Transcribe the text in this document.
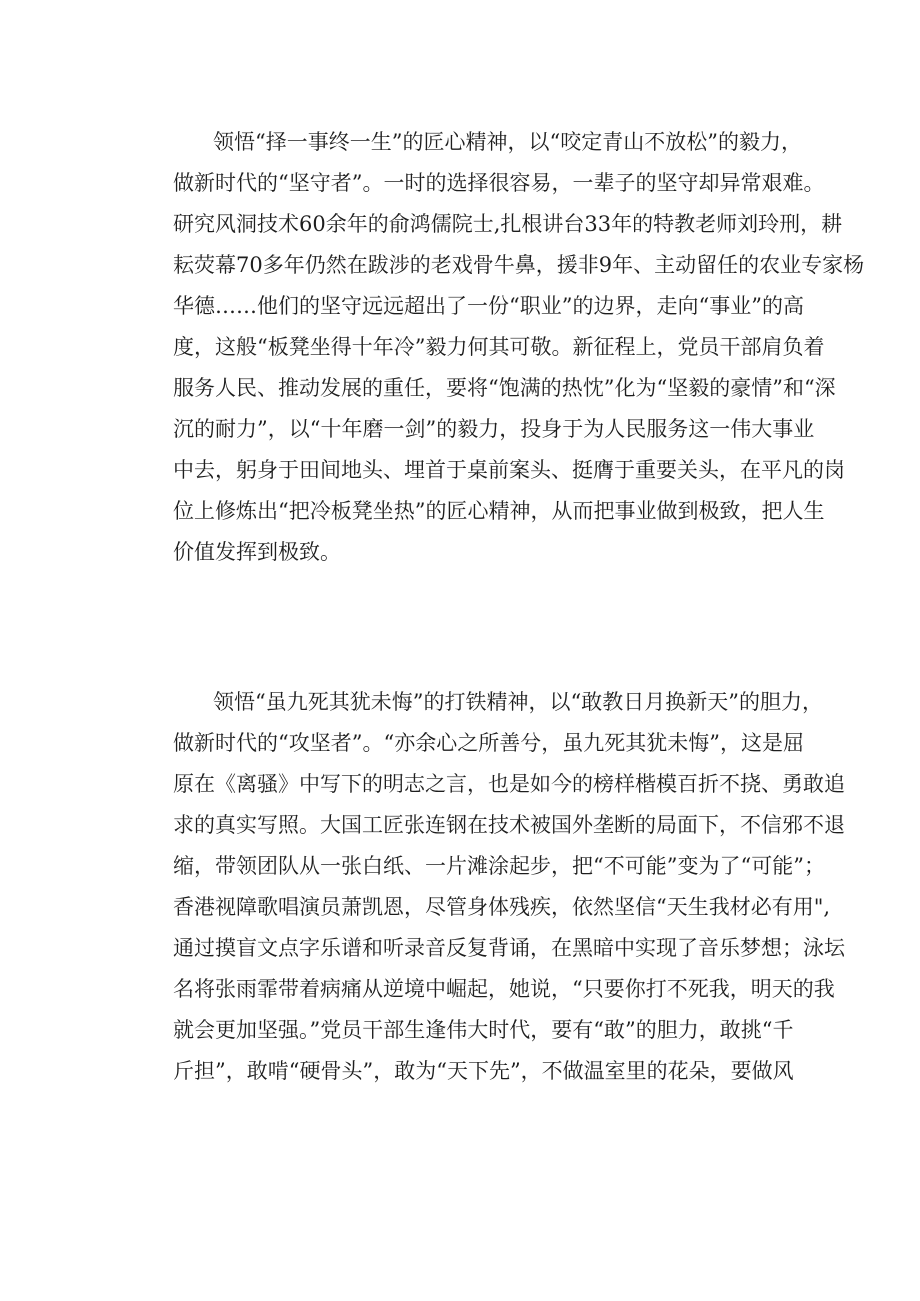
领悟“择一事终一生”的匠心精神，以“咬定青山不放松”的毅力，
做新时代的“坚守者”。一时的选择很容易，一辈子的坚守却异常艰难。
研究风洞技术60余年的俞鸿儒院士,扎根讲台33年的特教老师刘玲刑，耕
耘荧幕70多年仍然在跋涉的老戏骨牛鼻，援非9年、主动留任的农业专家杨
华德……他们的坚守远远超出了一份“职业”的边界，走向“事业”的高
度，这般“板凳坐得十年冷”毅力何其可敬。新征程上，党员干部肩负着
服务人民、推动发展的重任，要将“饱满的热忱”化为“坚毅的豪情”和“深
沉的耐力”，以“十年磨一剑”的毅力，投身于为人民服务这一伟大事业
中去，躬身于田间地头、埋首于桌前案头、挺膺于重要关头，在平凡的岗
位上修炼出“把冷板凳坐热”的匠心精神，从而把事业做到极致，把人生
价值发挥到极致。
领悟“虽九死其犹未悔”的打铁精神，以“敢教日月换新天”的胆力，
做新时代的“攻坚者”。“亦余心之所善兮，虽九死其犹未悔”，这是屈
原在《离骚》中写下的明志之言，也是如今的榜样楷模百折不挠、勇敢追
求的真实写照。大国工匠张连钢在技术被国外垄断的局面下，不信邪不退
缩，带领团队从一张白纸、一片滩涂起步，把“不可能”变为了“可能”；
香港视障歌唱演员萧凯恩，尽管身体残疾，依然坚信“天生我材必有用",
通过摸盲文点字乐谱和听录音反复背诵，在黑暗中实现了音乐梦想；泳坛
名将张雨霏带着病痛从逆境中崛起，她说，“只要你打不死我，明天的我
就会更加坚强。”党员干部生逢伟大时代，要有“敢”的胆力，敢挑“千
斤担”，敢啃“硬骨头”，敢为“天下先”，不做温室里的花朵，要做风
